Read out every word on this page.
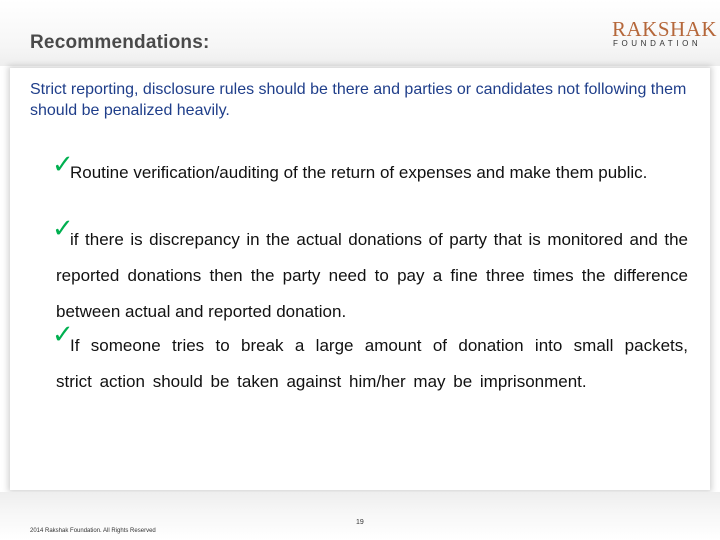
Recommendations:
RAKSHAK
FOUNDATION
Strict reporting, disclosure rules should be there and parties or candidates not following them should be penalized heavily.
✓
Routine verification/auditing of the return of expenses and make them public.
✓
if there is discrepancy in the actual donations of party that is monitored and the reported donations then the party need to pay a fine three times the difference between actual and reported donation.
✓
If someone tries to break a large amount of donation into small packets, strict action should be taken against him/her may be imprisonment.
2014 Rakshak Foundation. All Rights Reserved
19
